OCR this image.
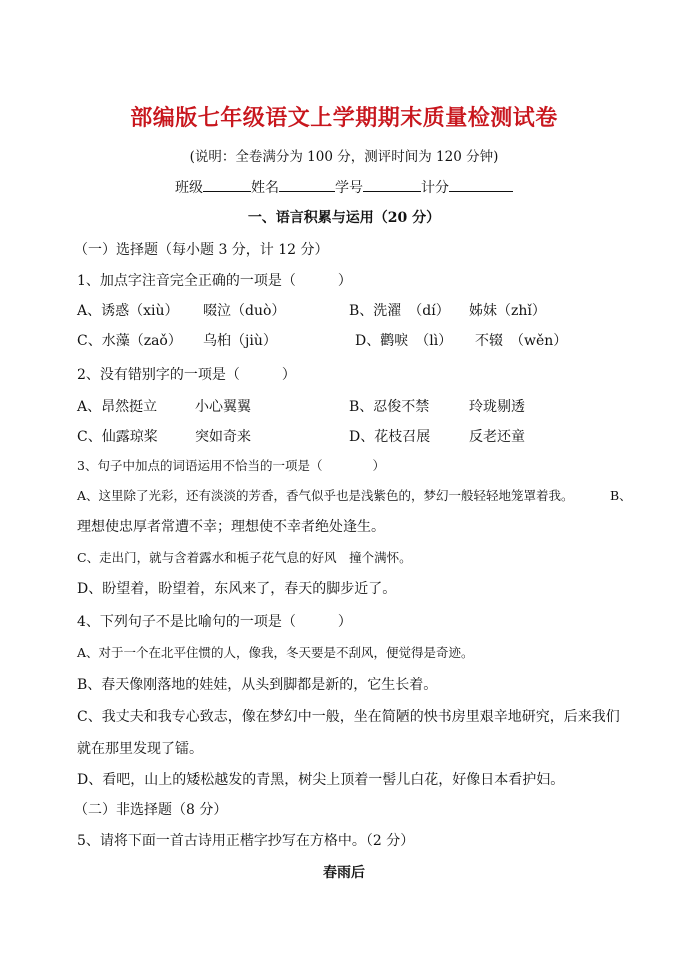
部编版七年级语文上学期期末质量检测试卷
(说明：全卷满分为 100 分，测评时间为 120 分钟)
班级	姓名	学号	计分
一、语言积累与运用（20 分）
（一）选择题（每小题 3 分，计 12 分）
1、加点字注音完全正确的一项是（　　　）
A、诱惑（xiù） 啜泣（duò）	B、洗濯　（dí） 姊妹（zhǐ）
C、水藻（zaǒ） 乌桕（jiù）	D、鹳唳　（lì） 不辍　（wěn）
2、没有错别字的一项是（　　　）
A、昂然挺立	小心翼翼	B、忍俊不禁	玲珑剔透
C、仙露琼桨	突如奇来	D、花枝召展	反老还童
3、句子中加点的词语运用不恰当的一项是（　　　　）
A、这里除了光彩，还有淡淡的芳香，香气似乎也是浅紫色的，梦幻一般轻轻地笼罩着我。	B、
理想使忠厚者常遭不幸；理想使不幸者绝处逢生。
C、走出门，就与含着露水和栀子花气息的好风　撞个满怀。
D、盼望着，盼望着，东风来了，春天的脚步近了。
4、下列句子不是比喻句的一项是（　　　）
A、对于一个在北平住惯的人，像我，冬天要是不刮风，便觉得是奇迹。
B、春天像刚落地的娃娃，从头到脚都是新的，它生长着。
C、我丈夫和我专心致志，像在梦幻中一般，坐在简陋的怏书房里艰辛地研究，后来我们
就在那里发现了镭。
D、看吧，山上的矮松越发的青黑，树尖上顶着一髻儿白花，好像日本看护妇。
（二）非选择题（8 分）
5、请将下面一首古诗用正楷字抄写在方格中。（2 分）
春雨后
